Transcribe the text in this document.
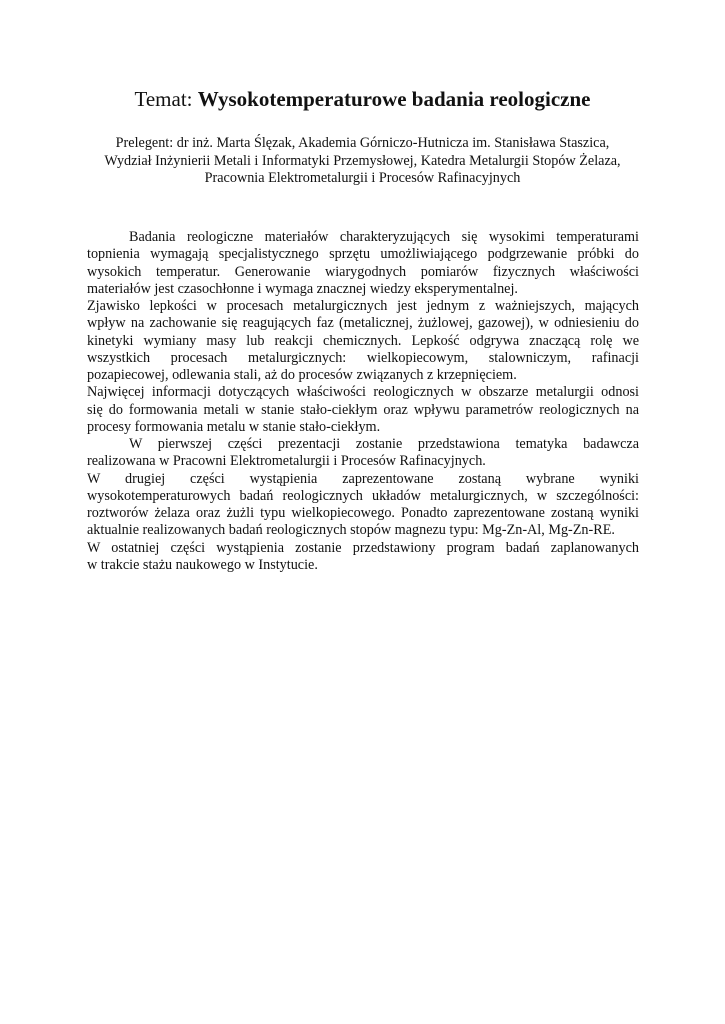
Temat: Wysokotemperaturowe badania reologiczne
Prelegent: dr inż. Marta Ślęzak, Akademia Górniczo-Hutnicza im. Stanisława Staszica,
Wydział Inżynierii Metali i Informatyki Przemysłowej, Katedra Metalurgii Stopów Żelaza,
Pracownia Elektrometalurgii i Procesów Rafinacyjnych
Badania reologiczne materiałów charakteryzujących się wysokimi temperaturami
topnienia wymagają specjalistycznego sprzętu umożliwiającego podgrzewanie próbki do
wysokich temperatur. Generowanie wiarygodnych pomiarów fizycznych właściwości
materiałów jest czasochłonne i wymaga znacznej wiedzy eksperymentalnej.
Zjawisko lepkości w procesach metalurgicznych jest jednym z ważniejszych, mających
wpływ na zachowanie się reagujących faz (metalicznej, żużlowej, gazowej), w odniesieniu do
kinetyki wymiany masy lub reakcji chemicznych. Lepkość odgrywa znaczącą rolę we
wszystkich procesach metalurgicznych: wielkopiecowym, stalowniczym, rafinacji
pozapiecowej, odlewania stali, aż do procesów związanych z krzepnięciem.
Najwięcej informacji dotyczących właściwości reologicznych w obszarze metalurgii odnosi
się do formowania metali w stanie stało-ciekłym oraz wpływu parametrów reologicznych na
procesy formowania metalu w stanie stało-ciekłym.
W pierwszej części prezentacji zostanie przedstawiona tematyka badawcza
realizowana w Pracowni Elektrometalurgii i Procesów Rafinacyjnych.
W drugiej części wystąpienia zaprezentowane zostaną wybrane wyniki
wysokotemperaturowych badań reologicznych układów metalurgicznych, w szczególności:
roztworów żelaza oraz żużli typu wielkopiecowego. Ponadto zaprezentowane zostaną wyniki
aktualnie realizowanych badań reologicznych stopów magnezu typu: Mg-Zn-Al, Mg-Zn-RE.
W ostatniej części wystąpienia zostanie przedstawiony program badań zaplanowanych
w trakcie stażu naukowego w Instytucie.
